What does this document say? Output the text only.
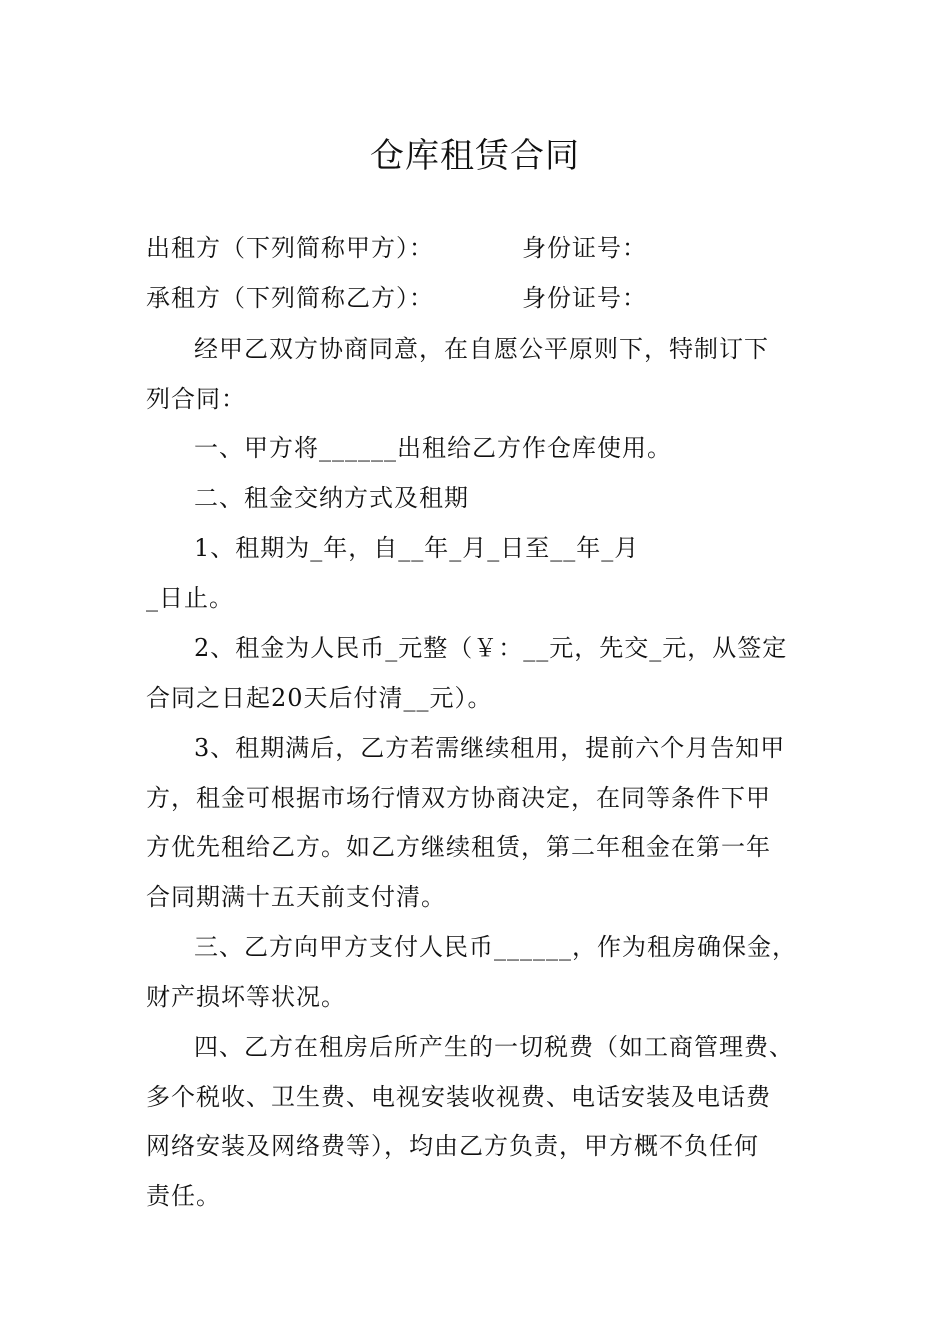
仓库租赁合同
出租方（下列简称甲方）：	身份证号：
承租方（下列简称乙方）：	身份证号：
经甲乙双方协商同意，在自愿公平原则下，特制订下
列合同：
一、甲方将______出租给乙方作仓库使用。
二、租金交纳方式及租期
1、租期为_年，自__年_月_日至__年_月
_日止。
2、租金为人民币_元整（￥：__元，先交_元，从签定
合同之日起20天后付清__元）。
3、租期满后，乙方若需继续租用，提前六个月告知甲
方，租金可根据市场行情双方协商决定，在同等条件下甲
方优先租给乙方。如乙方继续租赁，第二年租金在第一年
合同期满十五天前支付清。
三、乙方向甲方支付人民币______，作为租房确保金，
财产损坏等状况。
四、乙方在租房后所产生的一切税费（如工商管理费、
多个税收、卫生费、电视安装收视费、电话安装及电话费
网络安装及网络费等），均由乙方负责，甲方概不负任何
责任。
